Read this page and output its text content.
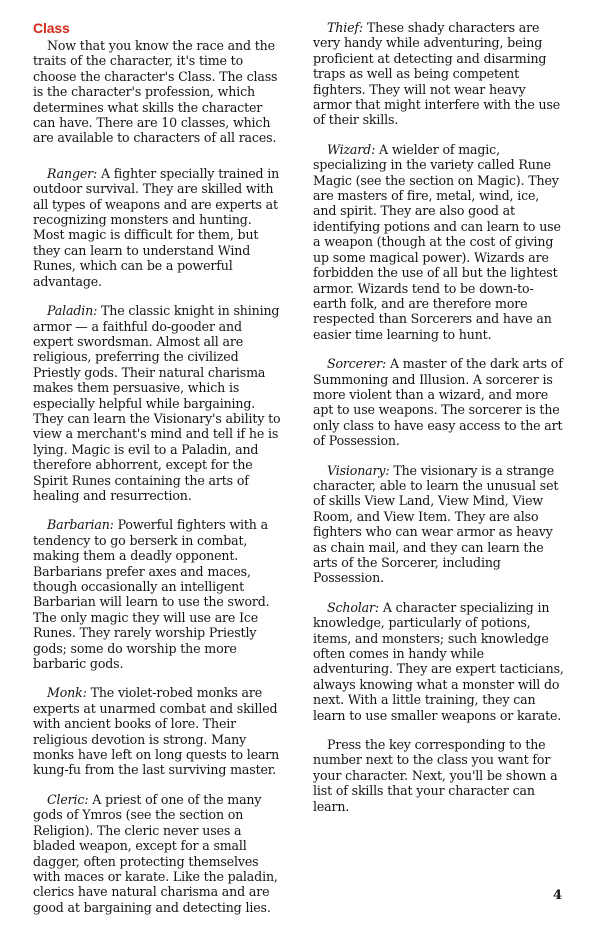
Class

Now that you know the race and the traits of the character, it's time to choose the character's Class. The class is the character's profession, which determines what skills the character can have. There are 10 classes, which are available to characters of all races.

Ranger: A fighter specially trained in outdoor survival. They are skilled with all types of weapons and are experts at recognizing monsters and hunting. Most magic is difficult for them, but they can learn to understand Wind Runes, which can be a powerful advantage.

Paladin: The classic knight in shining armor — a faithful do-gooder and expert swordsman. Almost all are religious, preferring the civilized Priestly gods. Their natural charisma makes them persuasive, which is especially helpful while bargaining. They can learn the Visionary's ability to view a merchant's mind and tell if he is lying. Magic is evil to a Paladin, and therefore abhorrent, except for the Spirit Runes containing the arts of healing and resurrection.

Barbarian: Powerful fighters with a tendency to go berserk in combat, making them a deadly opponent. Barbarians prefer axes and maces, though occasionally an intelligent Barbarian will learn to use the sword. The only magic they will use are Ice Runes. They rarely worship Priestly gods; some do worship the more barbaric gods.

Monk: The violet-robed monks are experts at unarmed combat and skilled with ancient books of lore. Their religious devotion is strong. Many monks have left on long quests to learn kung-fu from the last surviving master.

Cleric: A priest of one of the many gods of Ymros (see the section on Religion). The cleric never uses a bladed weapon, except for a small dagger, often protecting themselves with maces or karate. Like the paladin, clerics have natural charisma and are good at bargaining and detecting lies.

Thief: These shady characters are very handy while adventuring, being proficient at detecting and disarming traps as well as being competent fighters. They will not wear heavy armor that might interfere with the use of their skills.

Wizard: A wielder of magic, specializing in the variety called Rune Magic (see the section on Magic). They are masters of fire, metal, wind, ice, and spirit. They are also good at identifying potions and can learn to use a weapon (though at the cost of giving up some magical power). Wizards are forbidden the use of all but the lightest armor. Wizards tend to be down-to-earth folk, and are therefore more respected than Sorcerers and have an easier time learning to hunt.

Sorcerer: A master of the dark arts of Summoning and Illusion. A sorcerer is more violent than a wizard, and more apt to use weapons. The sorcerer is the only class to have easy access to the art of Possession.

Visionary: The visionary is a strange character, able to learn the unusual set of skills View Land, View Mind, View Room, and View Item. They are also fighters who can wear armor as heavy as chain mail, and they can learn the arts of the Sorcerer, including Possession.

Scholar: A character specializing in knowledge, particularly of potions, items, and monsters; such knowledge often comes in handy while adventuring. They are expert tacticians, always knowing what a monster will do next. With a little training, they can learn to use smaller weapons or karate.

Press the key corresponding to the number next to the class you want for your character. Next, you'll be shown a list of skills that your character can learn.

4
